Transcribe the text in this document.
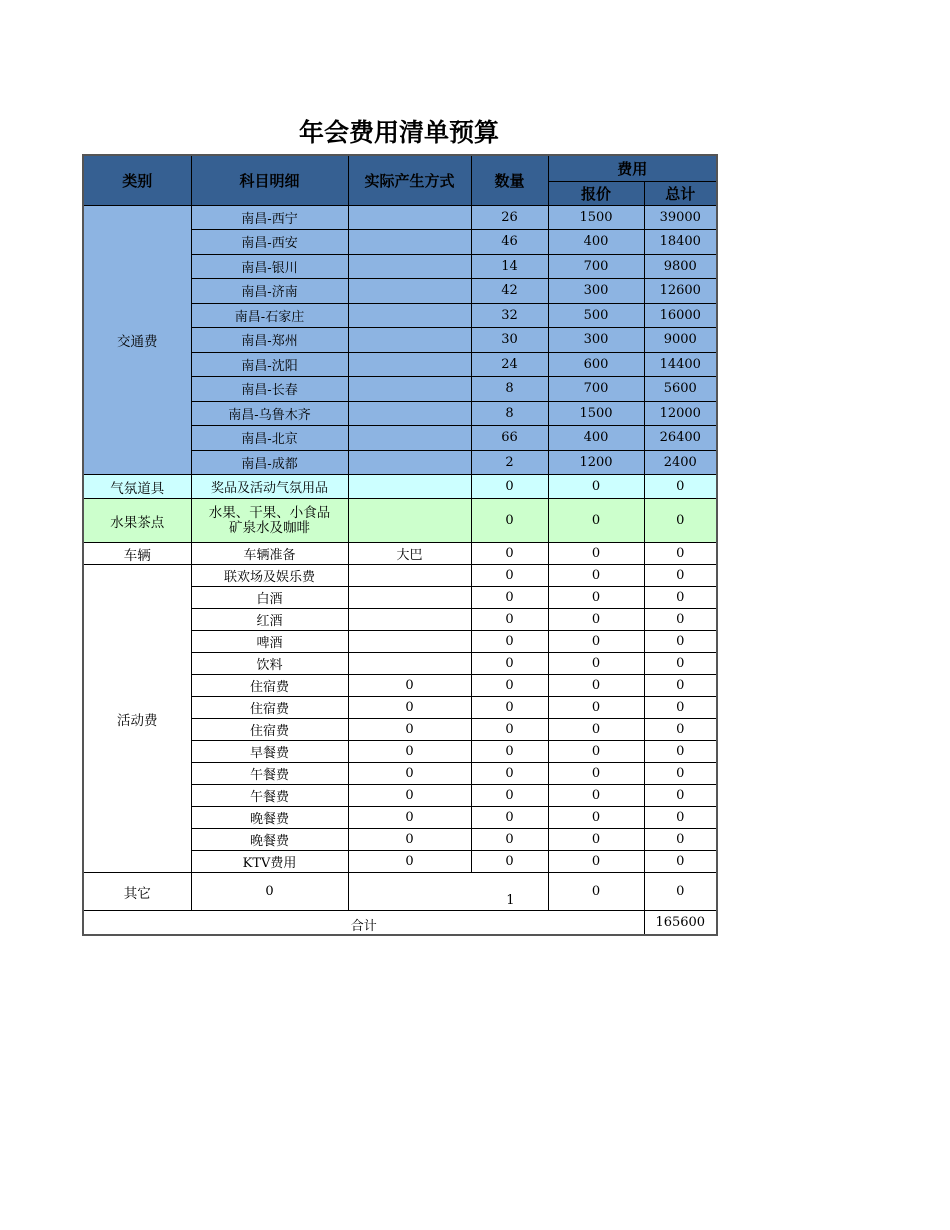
年会费用清单预算
类别	科目明细	实际产生方式	数量	费用	
				报价	总计
交通费	南昌-西宁		26	1500	39000
	南昌-西安		46	400	18400
	南昌-银川		14	700	9800
	南昌-济南		42	300	12600
	南昌-石家庄		32	500	16000
	南昌-郑州		30	300	9000
	南昌-沈阳		24	600	14400
	南昌-长春		8	700	5600
	南昌-乌鲁木齐		8	1500	12000
	南昌-北京		66	400	26400
	南昌-成都		2	1200	2400
气氛道具	奖品及活动气氛用品		0	0	0
水果茶点	水果、干果、小食品
矿泉水及咖啡		0	0	0
车辆	车辆准备	大巴	0	0	0
活动费	联欢场及娱乐费		0	0	0
	白酒		0	0	0
	红酒		0	0	0
	啤酒		0	0	0
	饮料		0	0	0
	住宿费	0	0	0	0
	住宿费	0	0	0	0
	住宿费	0	0	0	0
	早餐费	0	0	0	0
	午餐费	0	0	0	0
	午餐费	0	0	0	0
	晚餐费	0	0	0	0
	晚餐费	0	0	0	0
	KTV费用	0	0	0	0
其它	0	1		0	0
合计					165600
